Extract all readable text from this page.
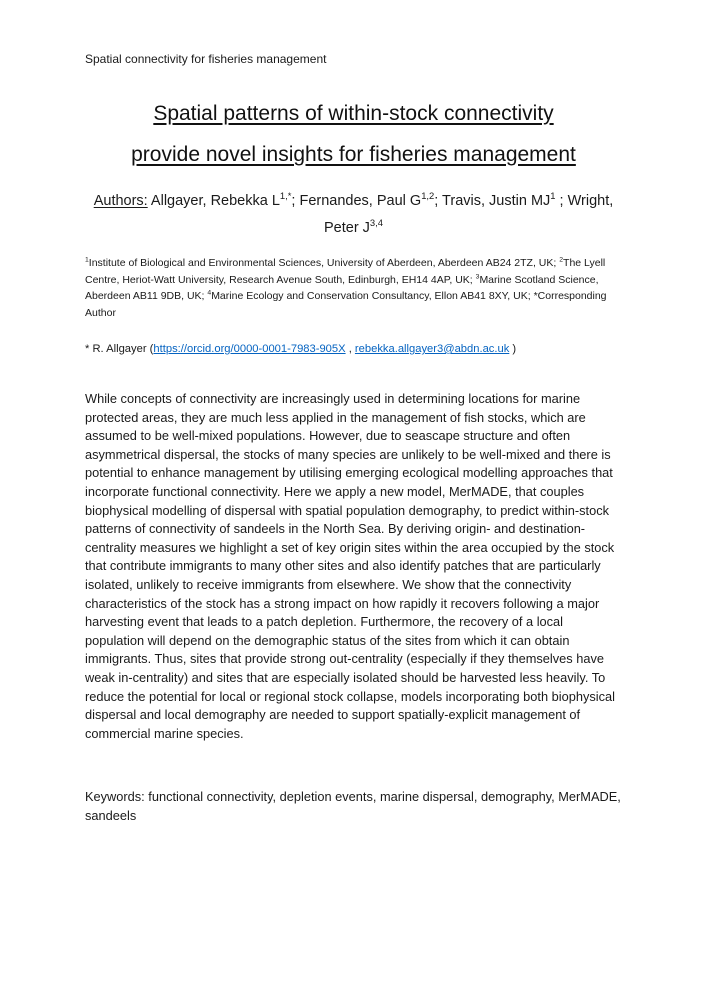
Spatial connectivity for fisheries management
Spatial patterns of within-stock connectivity
provide novel insights for fisheries management
Authors: Allgayer, Rebekka $L^{1,*}$; Fernandes, Paul G$^{1,2}$; Travis, Justin $MJ^1$ ; Wright, Peter J$^{3,4}$
$^1$Institute of Biological and Environmental Sciences, University of Aberdeen, Aberdeen AB24 2TZ, UK; $^2$The Lyell Centre, Heriot-Watt University, Research Avenue South, Edinburgh, EH14 4AP, UK; $^3$Marine Scotland Science, Aberdeen AB11 9DB, UK; $^4$Marine Ecology and Conservation Consultancy, Ellon AB41 8XY, UK; *Corresponding Author
* R. Allgayer (https://orcid.org/0000-0001-7983-905X , rebekka.allgayer3@abdn.ac.uk )
While concepts of connectivity are increasingly used in determining locations for marine protected areas, they are much less applied in the management of fish stocks, which are assumed to be well-mixed populations. However, due to seascape structure and often asymmetrical dispersal, the stocks of many species are unlikely to be well-mixed and there is potential to enhance management by utilising emerging ecological modelling approaches that incorporate functional connectivity. Here we apply a new model, MerMADE, that couples biophysical modelling of dispersal with spatial population demography, to predict within-stock patterns of connectivity of sandeels in the North Sea. By deriving origin- and destination-centrality measures we highlight a set of key origin sites within the area occupied by the stock that contribute immigrants to many other sites and also identify patches that are particularly isolated, unlikely to receive immigrants from elsewhere. We show that the connectivity characteristics of the stock has a strong impact on how rapidly it recovers following a major harvesting event that leads to a patch depletion. Furthermore, the recovery of a local population will depend on the demographic status of the sites from which it can obtain immigrants. Thus, sites that provide strong out-centrality (especially if they themselves have weak in-centrality) and sites that are especially isolated should be harvested less heavily. To reduce the potential for local or regional stock collapse, models incorporating both biophysical dispersal and local demography are needed to support spatially-explicit management of commercial marine species.
Keywords: functional connectivity, depletion events, marine dispersal, demography, MerMADE, sandeels
